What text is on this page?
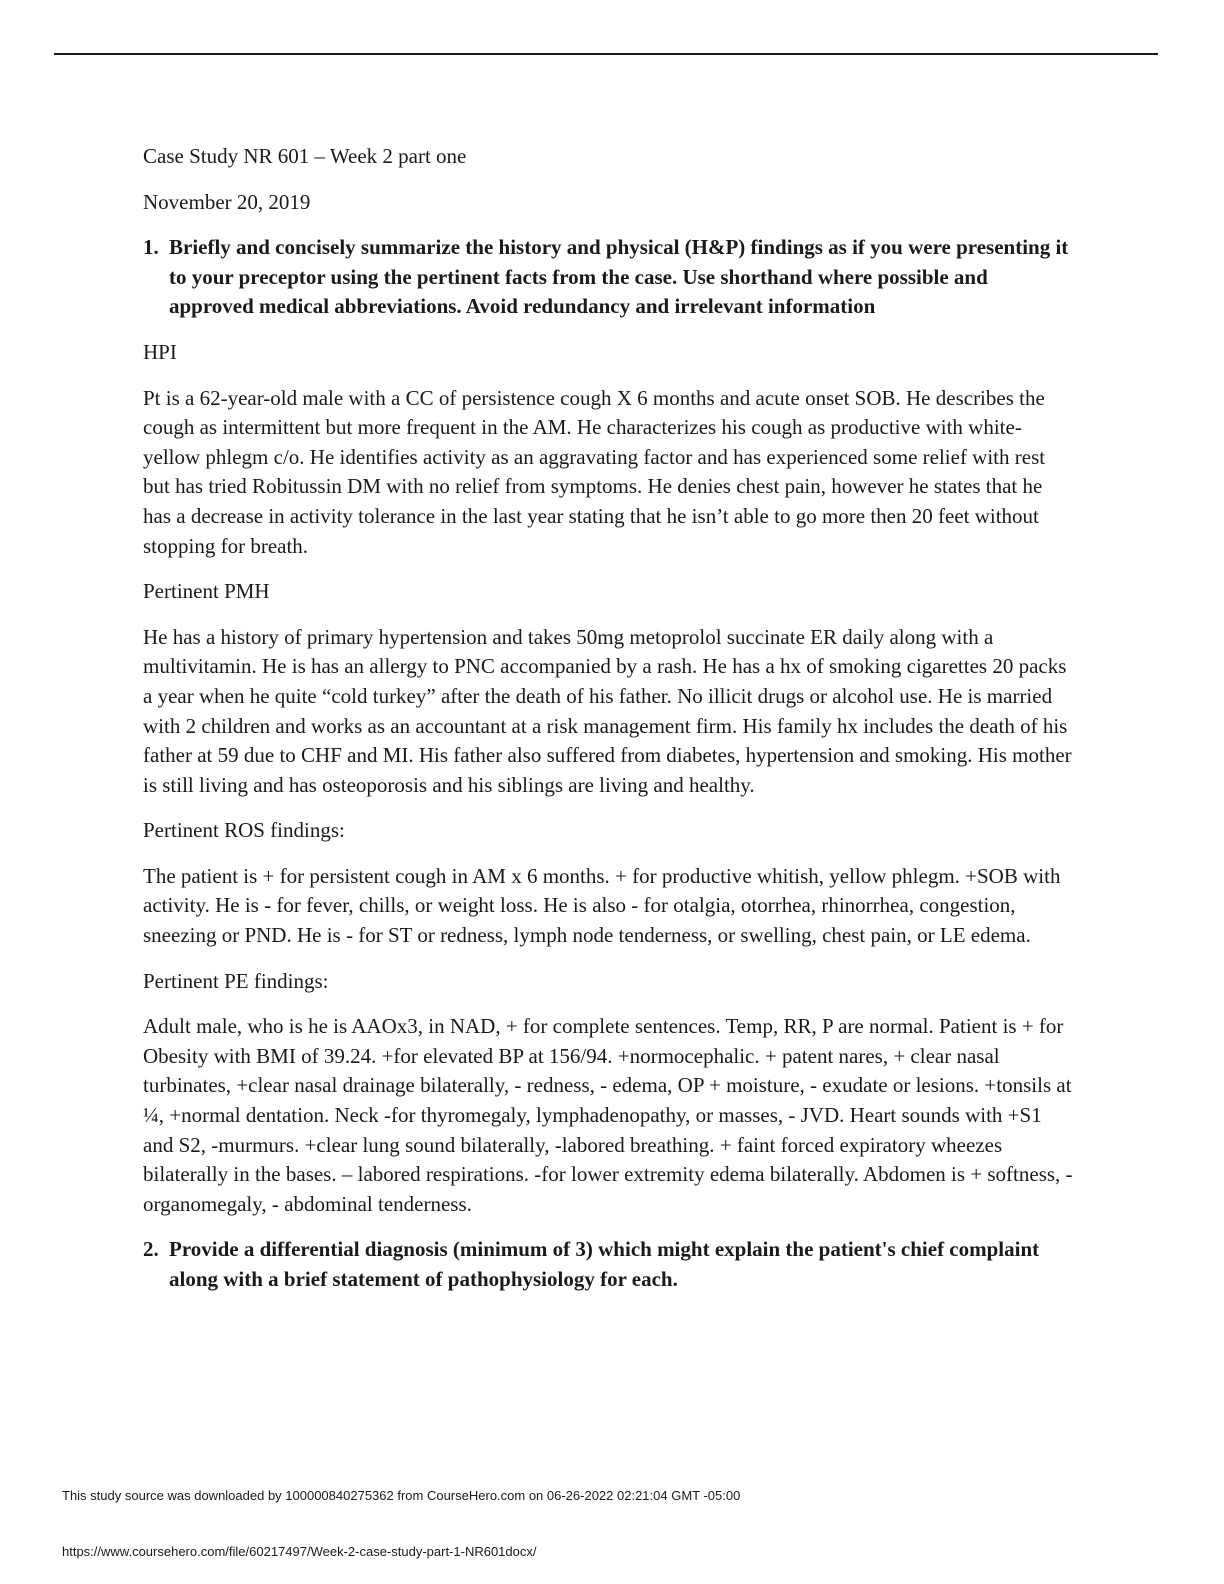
Case Study NR 601 – Week 2 part one

November 20, 2019

1. Briefly and concisely summarize the history and physical (H&P) findings as if you were presenting it to your preceptor using the pertinent facts from the case. Use shorthand where possible and approved medical abbreviations. Avoid redundancy and irrelevant information

HPI

Pt is a 62-year-old male with a CC of persistence cough X 6 months and acute onset SOB. He describes the cough as intermittent but more frequent in the AM. He characterizes his cough as productive with white-yellow phlegm c/o. He identifies activity as an aggravating factor and has experienced some relief with rest but has tried Robitussin DM with no relief from symptoms. He denies chest pain, however he states that he has a decrease in activity tolerance in the last year stating that he isn’t able to go more then 20 feet without stopping for breath.

Pertinent PMH

He has a history of primary hypertension and takes 50mg metoprolol succinate ER daily along with a multivitamin. He is has an allergy to PNC accompanied by a rash. He has a hx of smoking cigarettes 20 packs a year when he quite “cold turkey” after the death of his father. No illicit drugs or alcohol use. He is married with 2 children and works as an accountant at a risk management firm. His family hx includes the death of his father at 59 due to CHF and MI. His father also suffered from diabetes, hypertension and smoking. His mother is still living and has osteoporosis and his siblings are living and healthy.

Pertinent ROS findings:

The patient is + for persistent cough in AM x 6 months. + for productive whitish, yellow phlegm. +SOB with activity. He is - for fever, chills, or weight loss. He is also - for otalgia, otorrhea, rhinorrhea, congestion, sneezing or PND. He is - for ST or redness, lymph node tenderness, or swelling, chest pain, or LE edema.

Pertinent PE findings:

Adult male, who is he is AAOx3, in NAD, + for complete sentences. Temp, RR, P are normal. Patient is + for Obesity with BMI of 39.24. +for elevated BP at 156/94. +normocephalic. + patent nares, + clear nasal turbinates, +clear nasal drainage bilaterally, - redness, - edema, OP + moisture, - exudate or lesions. +tonsils at ¼, +normal dentation. Neck -for thyromegaly, lymphadenopathy, or masses, - JVD. Heart sounds with +S1 and S2, -murmurs. +clear lung sound bilaterally, -labored breathing. + faint forced expiratory wheezes bilaterally in the bases. – labored respirations. -for lower extremity edema bilaterally. Abdomen is + softness, -organomegaly, - abdominal tenderness.

2. Provide a differential diagnosis (minimum of 3) which might explain the patient's chief complaint along with a brief statement of pathophysiology for each.
This study source was downloaded by 100000840275362 from CourseHero.com on 06-26-2022 02:21:04 GMT -05:00
https://www.coursehero.com/file/60217497/Week-2-case-study-part-1-NR601docx/
